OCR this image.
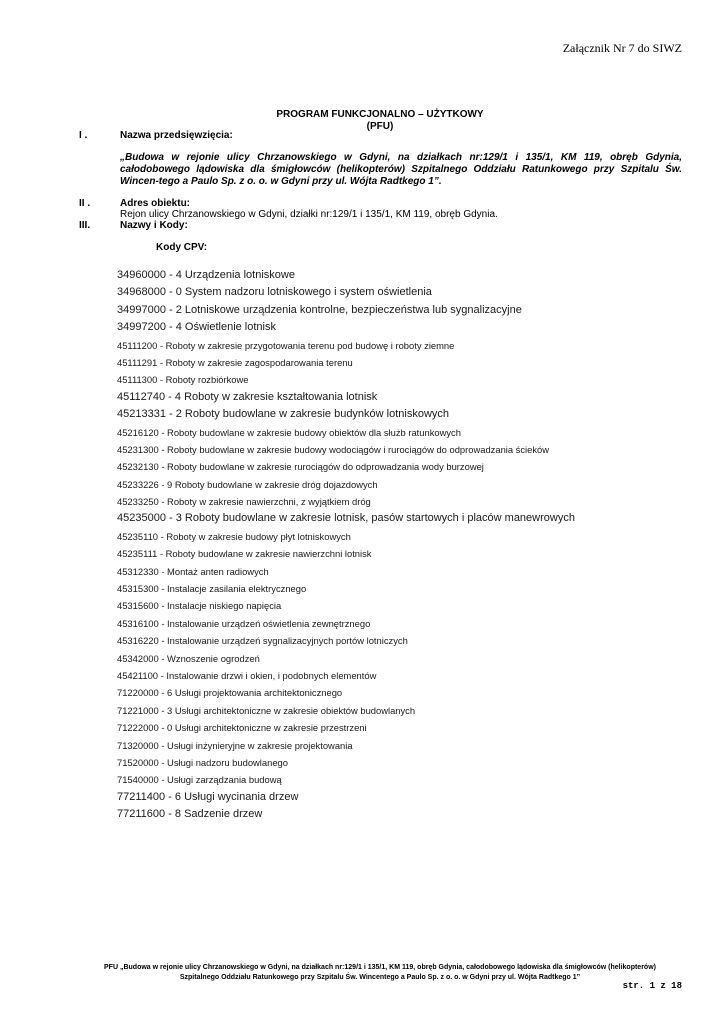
Załącznik Nr 7 do SIWZ
PROGRAM FUNKCJONALNO – UŻYTKOWY
(PFU)
I .	Nazwa przedsięwzięcia:
„Budowa w rejonie ulicy Chrzanowskiego w Gdyni, na działkach nr:129/1 i 135/1, KM 119, obręb Gdynia, całodobowego lądowiska dla śmigłowców (helikopterów) Szpitalnego Oddziału Ratunkowego przy Szpitalu Św. Wincen-tego a Paulo Sp. z o. o. w Gdyni przy ul. Wójta Radtkego 1”.
II .	Adres obiektu:
Rejon ulicy Chrzanowskiego w Gdyni, działki nr:129/1 i 135/1, KM 119, obręb Gdynia.
III.	Nazwy i Kody:
Kody CPV:
34960000 - 4 Urządzenia lotniskowe
34968000 - 0 System nadzoru lotniskowego i system oświetlenia
34997000 - 2 Lotniskowe urządzenia kontrolne, bezpieczeństwa lub sygnalizacyjne
34997200 - 4 Oświetlenie lotnisk
45111200 - Roboty w zakresie przygotowania terenu pod budowę i roboty ziemne
45111291 - Roboty w zakresie zagospodarowania terenu
45111300 - Roboty rozbiórkowe
45112740 - 4 Roboty w zakresie kształtowania lotnisk
45213331 - 2 Roboty budowlane w zakresie budynków lotniskowych
45216120 - Roboty budowlane w zakresie budowy obiektów dla służb ratunkowych
45231300 - Roboty budowlane w zakresie budowy wodociągów i rurociągów do odprowadzania ścieków
45232130 - Roboty budowlane w zakresie rurociągów do odprowadzania wody burzowej
45233226 - 9 Roboty budowlane w zakresie dróg dojazdowych
45233250 - Roboty w zakresie nawierzchni, z wyjątkiem dróg
45235000 - 3 Roboty budowlane w zakresie lotnisk, pasów startowych i placów manewrowych
45235110 - Roboty w zakresie budowy płyt lotniskowych
45235111 - Roboty budowlane w zakresie nawierzchni lotnisk
45312330 - Montaż anten radiowych
45315300 - Instalacje zasilania elektrycznego
45315600 - Instalacje niskiego napięcia
45316100 - Instalowanie urządzeń oświetlenia zewnętrznego
45316220 - Instalowanie urządzeń sygnalizacyjnych portów lotniczych
45342000 - Wznoszenie ogrodzeń
45421100 - Instalowanie drzwi i okien, i podobnych elementów
71220000 - 6 Usługi projektowania architektonicznego
71221000 - 3 Usługi architektoniczne w zakresie obiektów budowlanych
71222000 - 0 Usługi architektoniczne w zakresie przestrzeni
71320000 - Usługi inżynieryjne w zakresie projektowania
71520000 - Usługi nadzoru budowlanego
71540000 - Usługi zarządzania budową
77211400 - 6 Usługi wycinania drzew
77211600 - 8 Sadzenie drzew
PFU „Budowa w rejonie ulicy Chrzanowskiego w Gdyni, na działkach nr:129/1 i 135/1, KM 119, obręb Gdynia, całodobowego lądowiska dla śmigłowców (helikopterów)
Szpitalnego Oddziału Ratunkowego przy Szpitalu Św. Wincentego a Paulo Sp. z o. o. w Gdyni przy ul. Wójta Radtkego 1”
str. 1 z 18
